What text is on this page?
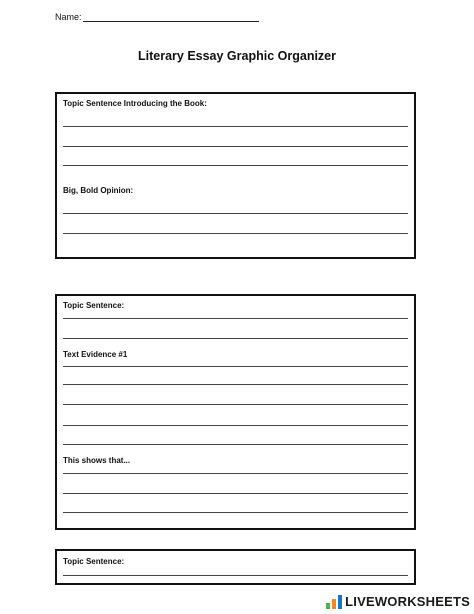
Name:
Literary Essay Graphic Organizer
Topic Sentence Introducing the Book:
Big, Bold Opinion:
Topic Sentence:
Text Evidence #1
This shows that...
Topic Sentence:
LIVEWORKSHEETS
